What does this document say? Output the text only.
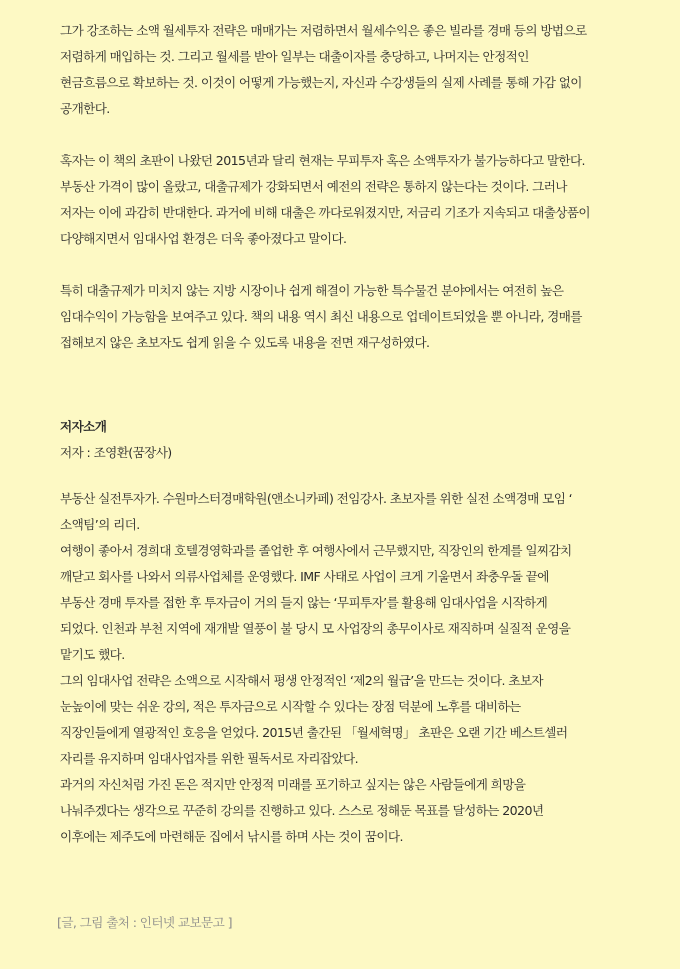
그가 강조하는 소액 월세투자 전략은 매매가는 저렴하면서 월세수익은 좋은 빌라를 경매 등의 방법으로
저렴하게 매입하는 것. 그리고 월세를 받아 일부는 대출이자를 충당하고, 나머지는 안정적인
현금흐름으로 확보하는 것. 이것이 어떻게 가능했는지, 자신과 수강생들의 실제 사례를 통해 가감 없이
공개한다.
혹자는 이 책의 초판이 나왔던 2015년과 달리 현재는 무피투자 혹은 소액투자가 불가능하다고 말한다.
부동산 가격이 많이 올랐고, 대출규제가 강화되면서 예전의 전략은 통하지 않는다는 것이다. 그러나
저자는 이에 과감히 반대한다. 과거에 비해 대출은 까다로워졌지만, 저금리 기조가 지속되고 대출상품이
다양해지면서 임대사업 환경은 더욱 좋아졌다고 말이다.
특히 대출규제가 미치지 않는 지방 시장이나 쉽게 해결이 가능한 특수물건 분야에서는 여전히 높은
임대수익이 가능함을 보여주고 있다. 책의 내용 역시 최신 내용으로 업데이트되었을 뿐 아니라, 경매를
접해보지 않은 초보자도 쉽게 읽을 수 있도록 내용을 전면 재구성하였다.
저자소개
저자 : 조영환(꿈장사)
부동산 실전투자가. 수원마스터경매학원(앤소니카페) 전임강사. 초보자를 위한 실전 소액경매 모임 ‘
소액팀’의 리더.
여행이 좋아서 경희대 호텔경영학과를 졸업한 후 여행사에서 근무했지만, 직장인의 한계를 일찌감치
깨닫고 회사를 나와서 의류사업체를 운영했다. IMF 사태로 사업이 크게 기울면서 좌충우돌 끝에
부동산 경매 투자를 접한 후 투자금이 거의 들지 않는 ‘무피투자’를 활용해 임대사업을 시작하게
되었다. 인천과 부천 지역에 재개발 열풍이 불 당시 모 사업장의 총무이사로 재직하며 실질적 운영을
맡기도 했다.
그의 임대사업 전략은 소액으로 시작해서 평생 안정적인 ‘제2의 월급’을 만드는 것이다. 초보자
눈높이에 맞는 쉬운 강의, 적은 투자금으로 시작할 수 있다는 장점 덕분에 노후를 대비하는
직장인들에게 열광적인 호응을 얻었다. 2015년 출간된 「월세혁명」 초판은 오랜 기간 베스트셀러
자리를 유지하며 임대사업자를 위한 필독서로 자리잡았다.
과거의 자신처럼 가진 돈은 적지만 안정적 미래를 포기하고 싶지는 않은 사람들에게 희망을
나눠주겠다는 생각으로 꾸준히 강의를 진행하고 있다. 스스로 정해둔 목표를 달성하는 2020년
이후에는 제주도에 마련해둔 집에서 낚시를 하며 사는 것이 꿈이다.
[글, 그림 출처 : 인터넷 교보문고 ]
